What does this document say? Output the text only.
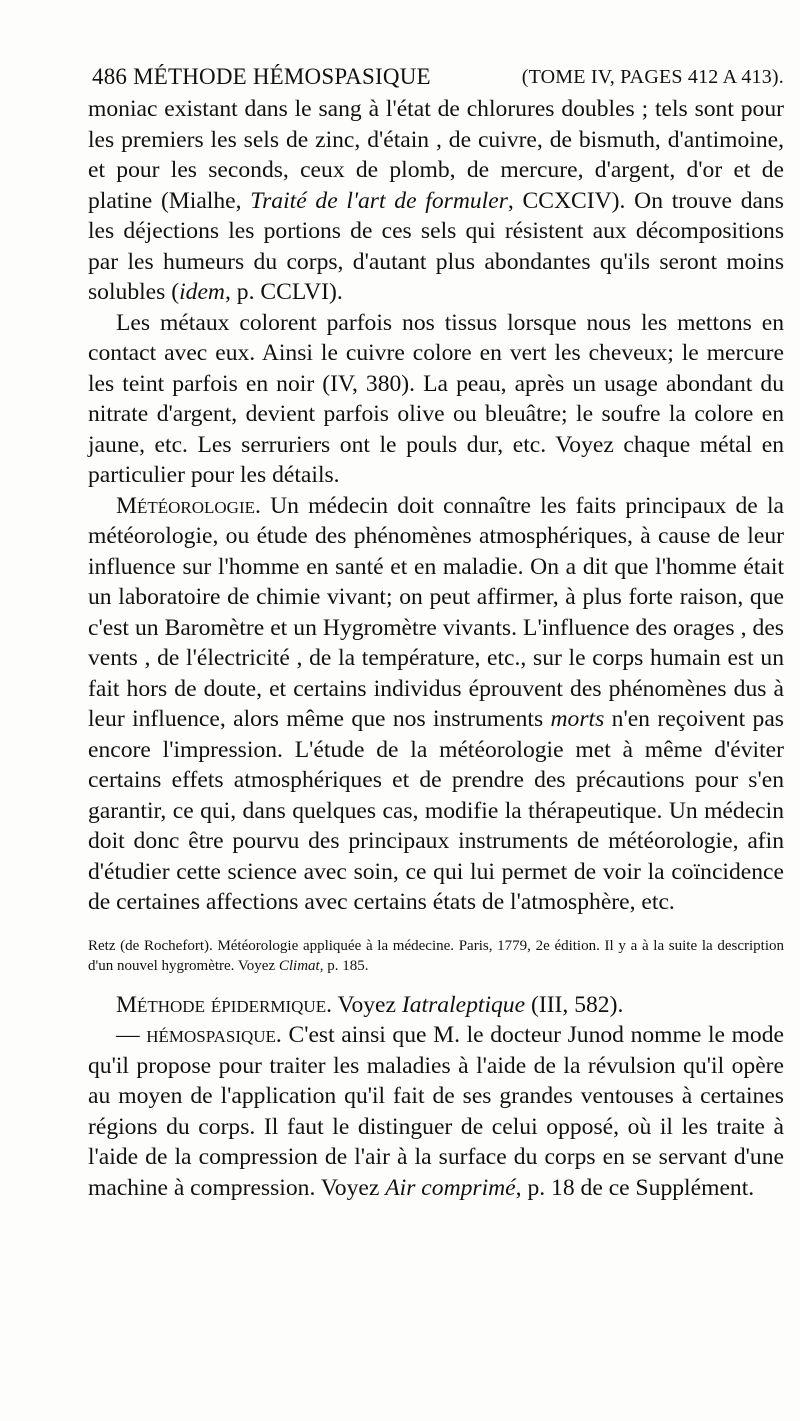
486 MÉTHODE HÉMOSPASIQUE	(TOME IV, PAGES 412 A 413).

moniac existant dans le sang à l'état de chlorures doubles ; tels sont pour les premiers les sels de zinc, d'étain , de cuivre, de bismuth, d'antimoine, et pour les seconds, ceux de plomb, de mercure, d'argent, d'or et de platine (Mialhe, Traité de l'art de formuler, CCXCIV). On trouve dans les déjections les portions de ces sels qui résistent aux décompositions par les humeurs du corps, d'autant plus abondantes qu'ils seront moins solubles (idem, p. CCLVI).

Les métaux colorent parfois nos tissus lorsque nous les mettons en contact avec eux. Ainsi le cuivre colore en vert les cheveux; le mercure les teint parfois en noir (IV, 380). La peau, après un usage abondant du nitrate d'argent, devient parfois olive ou bleuâtre; le soufre la colore en jaune, etc. Les serruriers ont le pouls dur, etc. Voyez chaque métal en particulier pour les détails.

Météorologie. Un médecin doit connaître les faits principaux de la météorologie, ou étude des phénomènes atmosphériques, à cause de leur influence sur l'homme en santé et en maladie. On a dit que l'homme était un laboratoire de chimie vivant; on peut affirmer, à plus forte raison, que c'est un Baromètre et un Hygromètre vivants. L'influence des orages , des vents , de l'électricité , de la température, etc., sur le corps humain est un fait hors de doute, et certains individus éprouvent des phénomènes dus à leur influence, alors même que nos instruments morts n'en reçoivent pas encore l'impression. L'étude de la météorologie met à même d'éviter certains effets atmosphériques et de prendre des précautions pour s'en garantir, ce qui, dans quelques cas, modifie la thérapeutique. Un médecin doit donc être pourvu des principaux instruments de météorologie, afin d'étudier cette science avec soin, ce qui lui permet de voir la coïncidence de certaines affections avec certains états de l'atmosphère, etc.

Retz (de Rochefort). Météorologie appliquée à la médecine. Paris, 1779, 2e édition. Il y a à la suite la description d'un nouvel hygromètre. Voyez Climat, p. 185.

Méthode épidermique. Voyez Iatraleptique (III, 582).

— hémospasique. C'est ainsi que M. le docteur Junod nomme le mode qu'il propose pour traiter les maladies à l'aide de la révulsion qu'il opère au moyen de l'application qu'il fait de ses grandes ventouses à certaines régions du corps. Il faut le distinguer de celui opposé, où il les traite à l'aide de la compression de l'air à la surface du corps en se servant d'une machine à compression. Voyez Air comprimé, p. 18 de ce Supplément.
